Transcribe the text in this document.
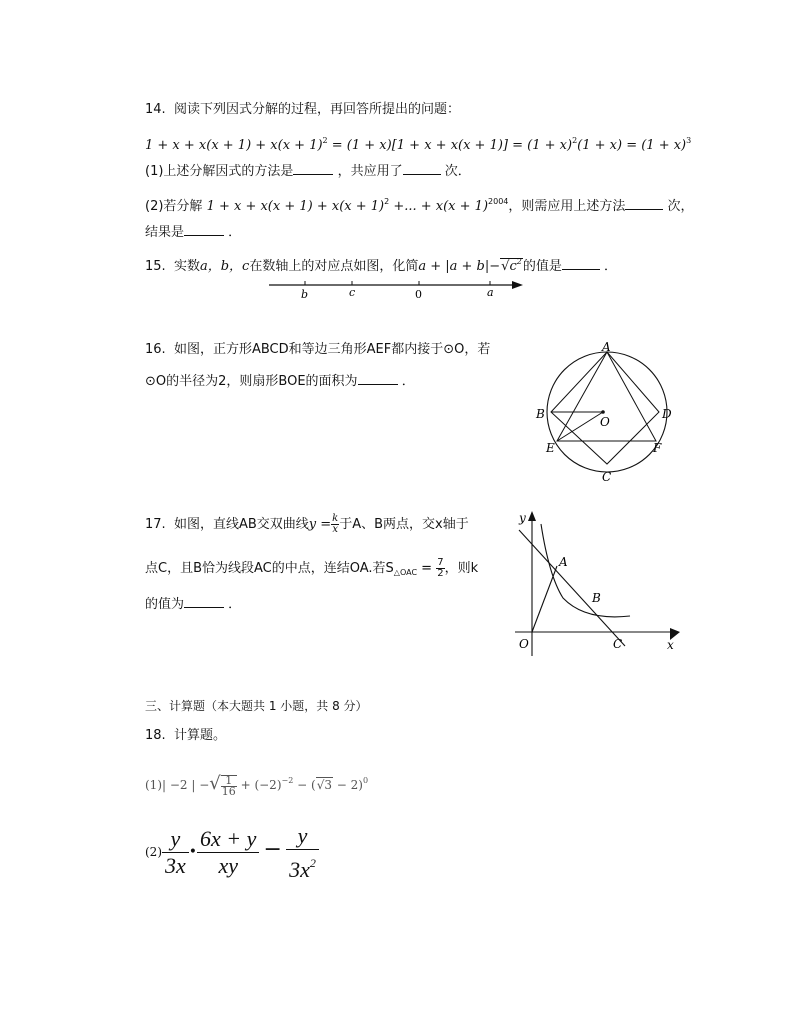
14. 阅读下列因式分解的过程，再回答所提出的问题：
$1 + x + x(x + 1) + x(x + 1)^2 = (1 + x)[1 + x + x(x + 1)] = (1 + x)^2(1 + x) = (1 + x)^3$
(1)上述分解因式的方法是	，共应用了	次．
(2)若分解 $1 + x + x(x + 1) + x(x + 1)^2$ +... + $x(x + 1)^{2004}$，则需应用上述方法	次，
结果是	．
15. 实数a，b，c在数轴上的对应点如图，化简$a + |a + b|-√c^2$的值是	．
b	c	0	a
16. 如图，正方形ABCD和等边三角形AEF都内接于⊙O，若
⊙O的半径为2，则扇形BOE的面积为	．
A
B	D
E	F
O
C
17. 如图，直线AB交双曲线$y = \frac{k}{x}$ 于A、B两点，交x轴于
点C，且B恰为线段AC的中点，连结OA.若$S_{\triangle OAC} = \frac{7}{2}$ ，则k
的值为	．
y
x
O
A
B
C
三、计算题（本大题共 1 小题，共 8 分）
18. 计算题。
(1)| −2 | −√ $\frac{1}{16} + (-2)^{-2} - (√3 - 2)^0$
$(2) \frac{y}{3x}$ • $\frac{6x + y}{xy} - \frac{y}{3x^2}$
